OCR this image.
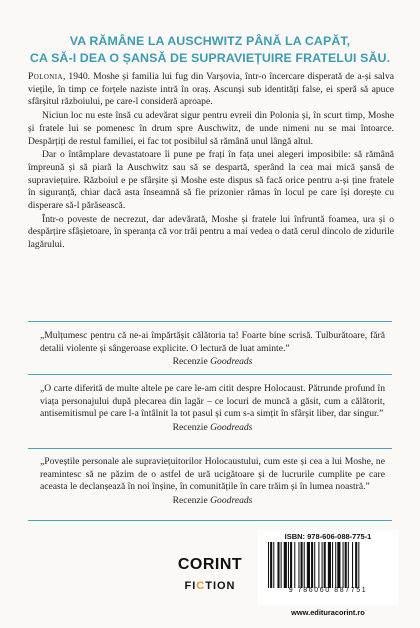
VA RĂMÂNE LA AUSCHWITZ PÂNĂ LA CAPĂT,
CA SĂ-I DEA O ȘANSĂ DE SUPRAVIEȚUIRE FRATELUI SĂU.

Polonia, 1940. Moshe și familia lui fug din Varșovia, într-o încercare disperată de a-și salva viețile, în timp ce forțele naziste intră în oraș. Ascunși sub identități false, ei speră să apuce sfârșitul războiului, pe care-l consideră aproape.

Niciun loc nu este însă cu adevărat sigur pentru evreii din Polonia și, în scurt timp, Moshe și fratele lui se pomenesc în drum spre Auschwitz, de unde nimeni nu se mai întoarce. Despărțiți de restul familiei, ei fac tot posibilul să rămână unul lângă altul.

Dar o întâmplare devastatoare îi pune pe frați în fața unei alegeri imposibile: să rămână împreună și să piară la Auschwitz sau să se despartă, sperând la cea mai mică șansă de supraviețuire. Războiul e pe sfârșite și Moshe este dispus să facă orice pentru a-și ține fratele în siguranță, chiar dacă asta înseamnă să fie prizonier rămas în locul pe care își dorește cu disperare să-l părăsească.

Într-o poveste de necrezut, dar adevărată, Moshe și fratele lui înfruntă foamea, ura și o despărțire sfâșietoare, în speranța că vor trăi pentru a mai vedea o dată cerul dincolo de zidurile lagărului.

„Mulțumesc pentru că ne-ai împărtășit călătoria ta! Foarte bine scrisă. Tulburătoare, fără detalii violente și sângeroase explicite. O lectură de luat aminte.”
Recenzie Goodreads
„O carte diferită de multe altele pe care le-am citit despre Holocaust. Pătrunde profund în viața personajului după plecarea din lagăr – ce locuri de muncă a găsit, cum a călătorit, antisemitismul pe care l-a întâlnit la tot pasul și cum s-a simțit în sfârșit liber, dar singur.”
Recenzie Goodreads
„Poveștile personale ale supraviețuitorilor Holocaustului, cum este și cea a lui Moshe, ne reamintesc să ne păzim de o astfel de ură ucigătoare și de lucrurile cumplite pe care aceasta le declanșează în noi înșine, în comunitățile în care trăim și în lumea noastră.”
Recenzie Goodreads
CORINT
FICTION
ISBN: 978-606-088-775-1
9 786060 887751
www.edituracorint.ro
